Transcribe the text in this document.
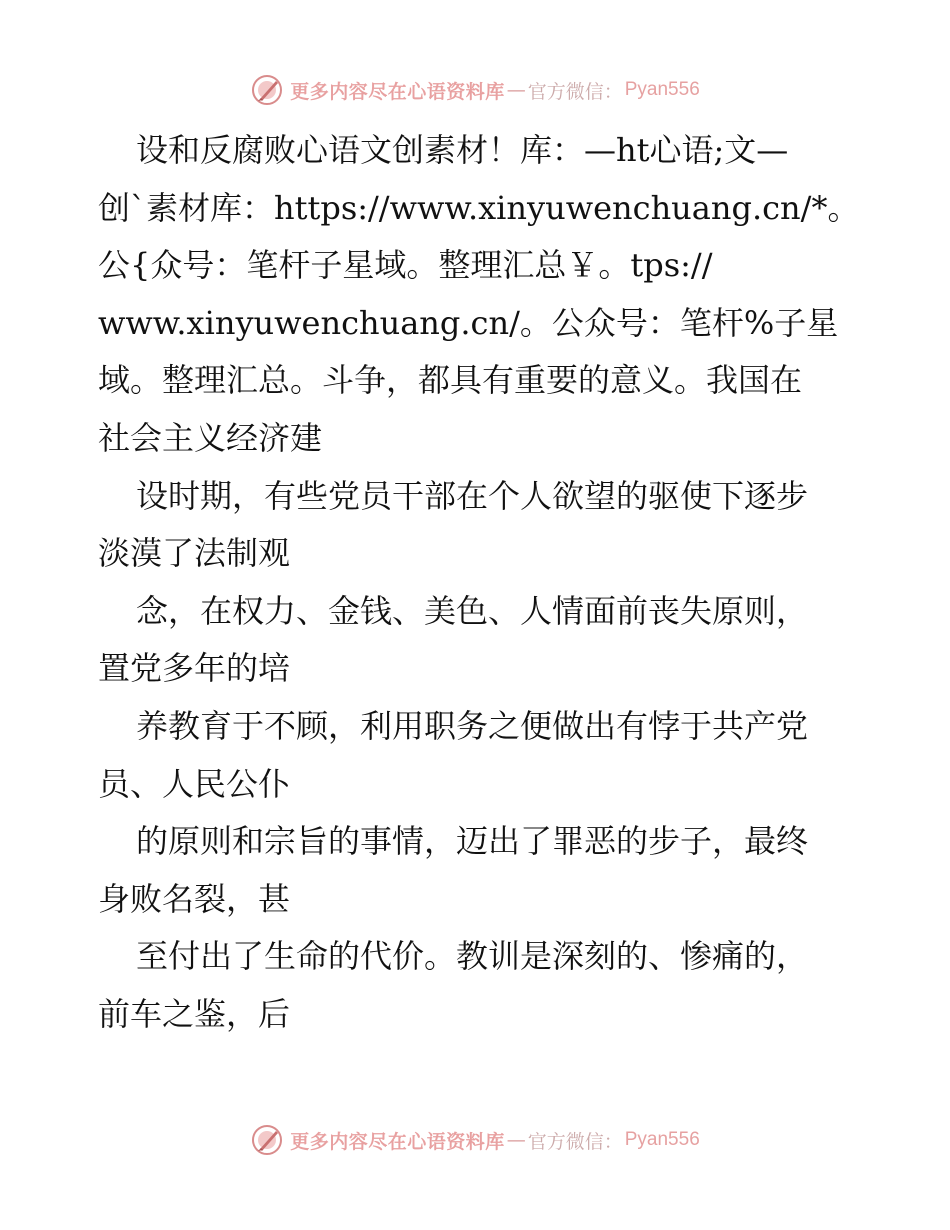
更多内容尽在心语资料库 — 官方微信： Pyan556
设和反腐败心语文创素材！库：—ht心语;文—
创`素材库：https://www.xinyuwenchuang.cn/*。
公{众号：笔杆子星域。整理汇总￥。tps://
www.xinyuwenchuang.cn/。公众号：笔杆%子星
域。整理汇总。斗争，都具有重要的意义。我国在
社会主义经济建
设时期，有些党员干部在个人欲望的驱使下逐步
淡漠了法制观
念，在权力、金钱、美色、人情面前丧失原则，
置党多年的培
养教育于不顾，利用职务之便做出有悖于共产党
员、人民公仆
的原则和宗旨的事情，迈出了罪恶的步子，最终
身败名裂，甚
至付出了生命的代价。教训是深刻的、惨痛的，
前车之鉴，后
更多内容尽在心语资料库 — 官方微信： Pyan556
